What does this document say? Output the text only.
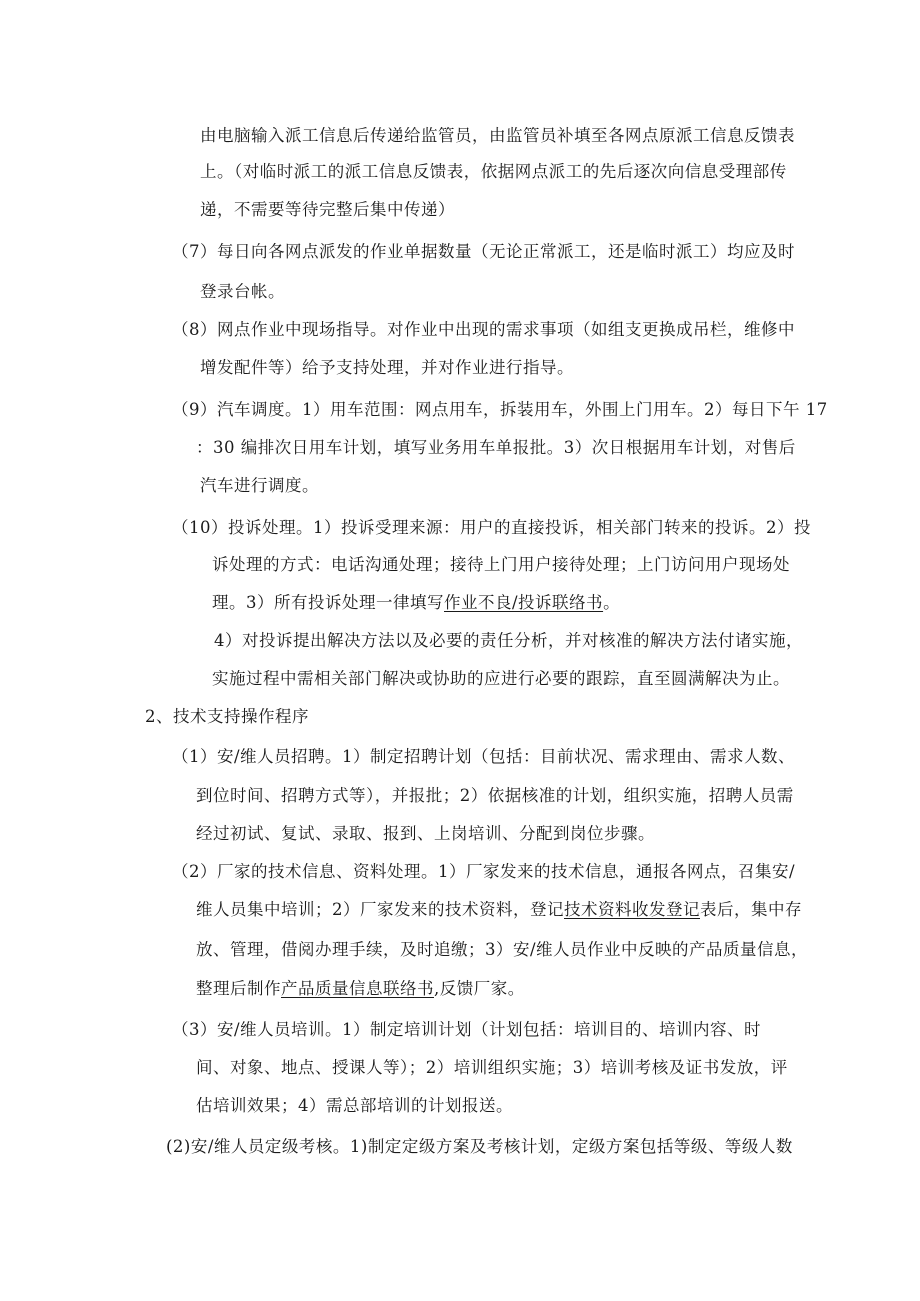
由电脑输入派工信息后传递给监管员，由监管员补填至各网点原派工信息反馈表
上。（对临时派工的派工信息反馈表，依据网点派工的先后逐次向信息受理部传
递，不需要等待完整后集中传递）
（7）每日向各网点派发的作业单据数量（无论正常派工，还是临时派工）均应及时
登录台帐。
（8）网点作业中现场指导。对作业中出现的需求事项（如组支更换成吊栏，维修中
增发配件等）给予支持处理，并对作业进行指导。
（9）汽车调度。1）用车范围：网点用车，拆装用车，外围上门用车。2）每日下午 17
：30 编排次日用车计划，填写业务用车单报批。3）次日根据用车计划，对售后
汽车进行调度。
（10）投诉处理。1）投诉受理来源：用户的直接投诉，相关部门转来的投诉。2）投
诉处理的方式：电话沟通处理；接待上门用户接待处理；上门访问用户现场处
理。3）所有投诉处理一律填写作业不良/投诉联络书。
4）对投诉提出解决方法以及必要的责任分析，并对核准的解决方法付诸实施，
实施过程中需相关部门解决或协助的应进行必要的跟踪，直至圆满解决为止。
2、技术支持操作程序
（1）安/维人员招聘。1）制定招聘计划（包括：目前状况、需求理由、需求人数、
到位时间、招聘方式等），并报批；2）依据核准的计划，组织实施，招聘人员需
经过初试、复试、录取、报到、上岗培训、分配到岗位步骤。
（2）厂家的技术信息、资料处理。1）厂家发来的技术信息，通报各网点，召集安/
维人员集中培训；2）厂家发来的技术资料，登记技术资料收发登记表后，集中存
放、管理，借阅办理手续，及时追缴；3）安/维人员作业中反映的产品质量信息，
整理后制作产品质量信息联络书,反馈厂家。
（3）安/维人员培训。1）制定培训计划（计划包括：培训目的、培训内容、时
间、对象、地点、授课人等）；2）培训组织实施；3）培训考核及证书发放，评
估培训效果；4）需总部培训的计划报送。
(2)安/维人员定级考核。1)制定定级方案及考核计划，定级方案包括等级、等级人数
